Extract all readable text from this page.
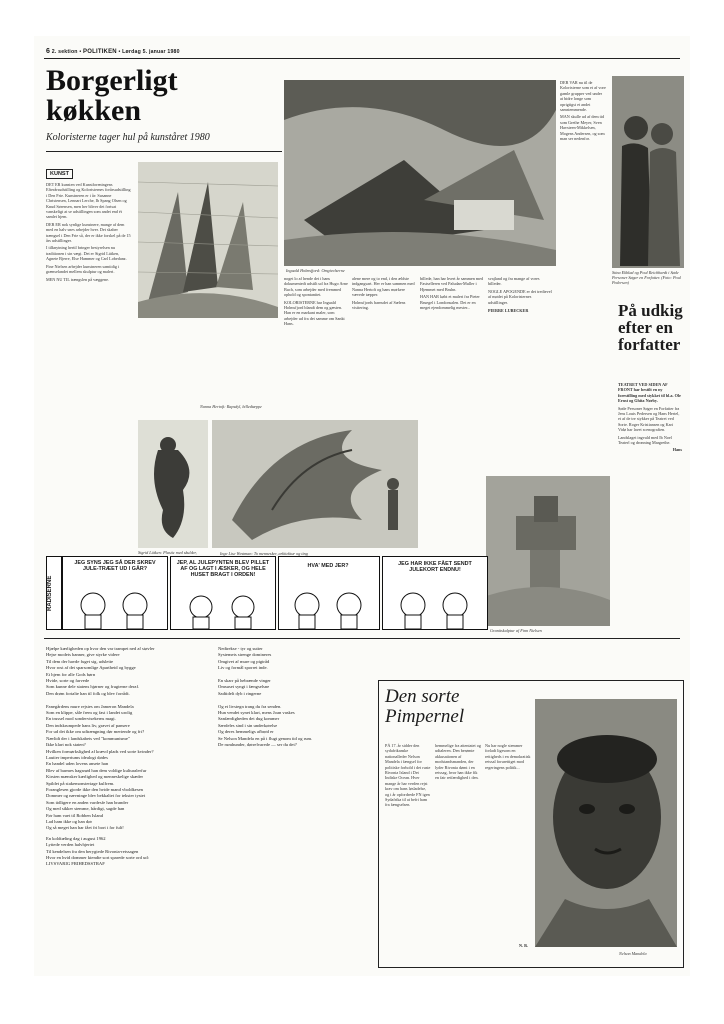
6 2. sektion • POLITIKEN • Lørdag 5. januar 1980
Borgerligt
køkken
Koloristerne tager hul på kunståret 1980
KUNST

DET ER kunsten ved Kunstforeningens Efterårsudstilling og Koloristernes forårsudstilling i Den Frie. Kunstneren er i år: Susanne Christensen, Lennart Lerche, Ib Spang Olsen og Knud Sørensen, men her bliver det fortsat vanskeligt at se udstillingen som andet end ét samlet hjem.

DER ER nok synlige kunstnere, mange af dem med en halv snes arbejder hver. Det skaber trængsel i Den Frie så, der er ikke forskel på de 15 års udstillinger.

I tilknytning hertil bringer bestyrelsen nu traditionen i sin vægt. Det er Sigrid Lütken, Agnete Bjerre, Else Hammer og Carl Lobedanz.

Fine Nielsen arbejder kunstneren samtidig i grænselandet mellem skulptur og maleri.

MEN NU TIL trængslen på væggene.

Inguald Holmsfjord: Omgivelserne

noget lo af hende det i hans dokumentedt udstilt ud fra Hugo Arne Buch, som arbejder med fremmed ophold og spontanitet.

KOLORISTERNE har Inguald Holmsfjord blandt dem og gæsten. Han er en markant maler, som arbejder ud fra det samme om Sankt Hans.

alene mere og to end, i den ældste indgangsart. Her er han sammen med Nanna Hertoft og hans mørkere vævede tæpper.

Holmsfjords barnsdet af Sælens visitering.

billede, han har hvert år sammen med Fastselleren ved Paludan-Muller i Hjemmet med Bruhn.

HAN HAR købt et maleri fra Pieter Bruegel i Londonsalen. Det er en meget ejendommelig mester...

svajland og fra mange af vores billeder.

NOGLE APOGENDE er det tredievel af mødet på Koloristernes udstillinger.

PIERRE LUBECKER

DER VAR nu til de Koloristerne som et af vore gamle grupper ved under at bidre longe som oprigtigst et andet samstemmende.

MAN skulle ud af dem tid som Grethe Meyer, Sven Havsteen-Mikkelsen, Mogens Andersen, og som man ser nedenfor.

Stina Ekblad og Poul Reichhardt i Søde Personer Søger en Forfatter. (Foto: Poul Pedersen)
På udkig efter en forfatter

TEATRET VED SIDEN AF FRONT har bestilt en ny forestilling med stykket til bl.a. Ole Ernst og Ghita Nørby.

Søde Personer Søger en Forfatter fra Jens Louis Pedersen og Hans Hertel, et af de tre stykker på Teatret ved Sorte. Roger Kristiansen og Kari Vidø har lavet scenografien.

Landslaget ingvald med Ib Noel Teaterl og dronning Margrethe.

Hans

Inge Lise Westman: To mennesker, arkitektur og ting
Sigrid Lütken: Plastic med skulder,
Nanna Hertoft: Rapsdyl, billedtæppe
Granitskulptur af Finn Nielsen
RADISERNE
JEG SYNS JEG SÅ DER SKREV JULE-TRÆET UD I GÅR?
JEP, AL JULEPYNTEN BLEV PILLET AF OG LAGT I ÆSKER, OG HELE HUSET BRAGT I ORDEN!
HVA' MED JER?	JEG HAR IKKE FÅET SENDT JULEKORT ENDNU!
Hjælpe kærligheden op hvor den var trampet ned af støvler
Hejse modets banner, give styrke videre
Til dem der havde fuget sig, udslette
Hvor rost af det sparsomlige Apartheid og bygge
Et hjem for alle Gods børn
Hvide, sorte og farvede
Som kunne dele statens hjørner og frugterne deraf.
Den drøm fortalte han til folk og blev forrådt.

Fanegårdens mure rejstes om Jameron Mandela
Som en klippe, såle frem og fast i landet urolig
En trussel mod sondervisekerns magt.
Den indskrumpede hans liv, gravet af pansere
For ud det ikke om udtrængning dør meriende og fri?
Nærlidt der i landskabets ved "kommunisme"
Ikke klart nok staten?
Hvilken formørkslighed af krævd plads ved sorte kvinder?
Lautier imperiums idealogi dødes
En handel uden lovens ansete han
Blev af barmes hagsnød han dem voldige kulturalerfur
Kirsten mænsker kærlighed og menneskelige skæder
Spildet på stakemonsteriage kulfrem.
Foranglesen gjorde ikke den hvide mand vboldkesen
Dommer og nævninge blev bekkaltet for tekster tystet
Som tidligere en anden vardesfe han brander
Og med sikker stemme, hårdigt, sagde han
Før ham vaet til Robben Island
Lad ham ikke og han dør
Og så meget han har fået fri bort i for fult!
En koldtæling dag i august 1962
Lyttede verden halvhjertet
Til kendelsen fra den berygtede Rivonia-retssagen
Hvor en hvid dommer kiendte sort sparede sorte ord ud:
LIVSVARIG FRIHEDSSTRAF
Nedtrekse - tyr og sutter
Systemets strenge domineres
Omgivet af mure og pigtråd
Liv og formål sporret inde.

En skarr på hebrænde vinger
Omsuset syngt i fængselsne
Sadtidelt dyb i ringerne

Og et livstegn trang du fra senden.
Hun vendet synet klart, mens Joan vaskes
Sanfærdigheden det dug kommer
Særdeles sind i sin underkørelse
Og deres hemmeligs afbrød er
Se Nelson Mandela en på i flugt genom tid og rum.
De rumhunder, dørrelvarede — ser du det?
Den sorte
Pimpernel
PÅ 17. år sidder den sydafrikanske nationalleder Nelson Mandela i fængsel for politiske forhold i det ruste Rivonia Island i Det Indiske Ocean. Hver mange år har verden rejst krav om hans løsladelse, og i år opfordrede FN igen Sydafrika til at befri ham fra fængselsen.
hemmelige fra attentatet og udtaleren. Den berømte akkusationen af modstandsmanden, der lyder Rivonia dømt i en retssag, hvor han ikke fik en fair retfærdighed i den.
Nu har nogle stemmer forladt ligesom en rettigheds i en demokratisk retssal forurettiget mod regeringens politik...
N. B.
Nelson Mandela
